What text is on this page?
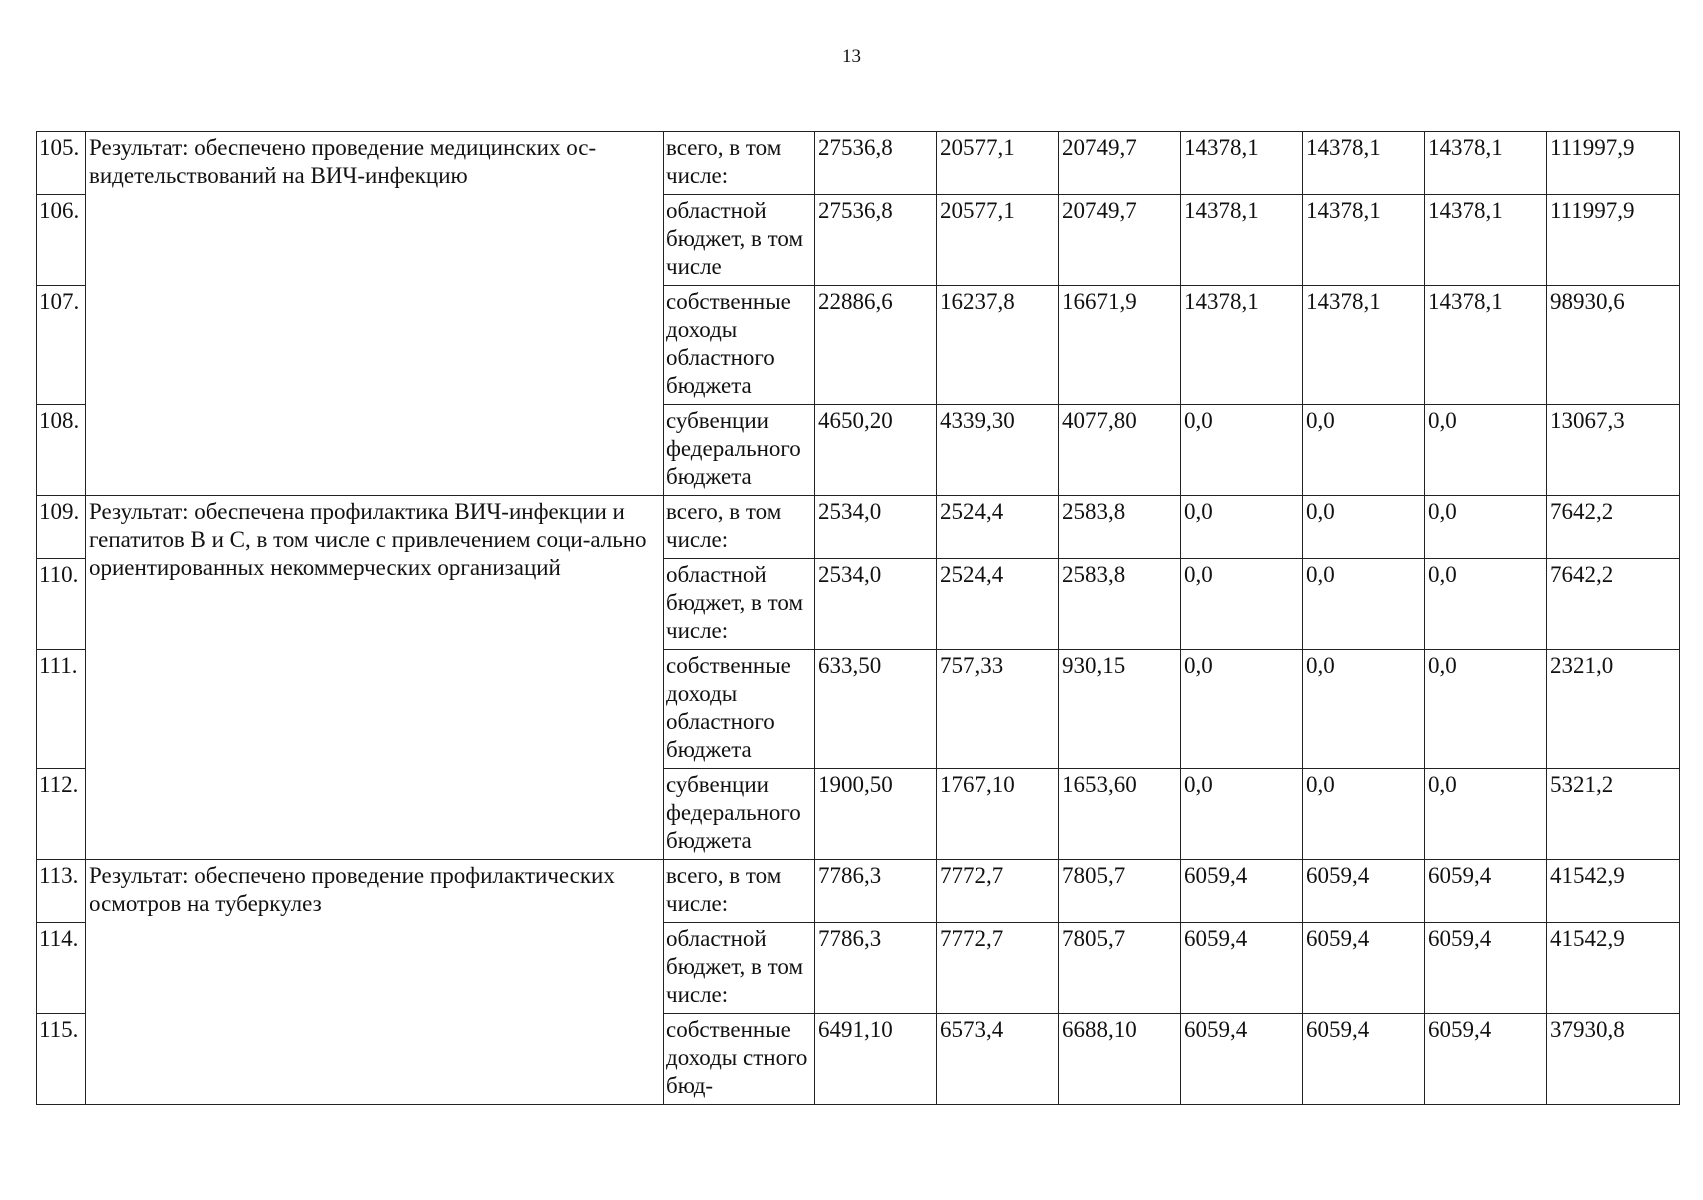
13
105.	Результат: обеспечено проведение медицинских ос-видетельствований на ВИЧ-инфекцию	всего, в том числе:	27536,8	20577,1	20749,7	14378,1	14378,1	14378,1	111997,9
106.		областной бюджет, в том числе	27536,8	20577,1	20749,7	14378,1	14378,1	14378,1	111997,9
107.		собственные доходы областного бюджета	22886,6	16237,8	16671,9	14378,1	14378,1	14378,1	98930,6
108.		субвенции федерального бюджета	4650,20	4339,30	4077,80	0,0	0,0	0,0	13067,3
109.	Результат: обеспечена профилактика ВИЧ-инфекции и гепатитов В и С, в том числе с привлечением соци-ально ориентированных некоммерческих организаций	всего, в том числе:	2534,0	2524,4	2583,8	0,0	0,0	0,0	7642,2
110.		областной бюджет, в том числе:	2534,0	2524,4	2583,8	0,0	0,0	0,0	7642,2
111.		собственные доходы областного бюджета	633,50	757,33	930,15	0,0	0,0	0,0	2321,0
112.		субвенции федерального бюджета	1900,50	1767,10	1653,60	0,0	0,0	0,0	5321,2
113.	Результат: обеспечено проведение профилактических осмотров на туберкулез	всего, в том числе:	7786,3	7772,7	7805,7	6059,4	6059,4	6059,4	41542,9
114.		областной бюджет, в том числе:	7786,3	7772,7	7805,7	6059,4	6059,4	6059,4	41542,9
115.		собственные доходы стного бюд-	6491,10	6573,4	6688,10	6059,4	6059,4	6059,4	37930,8
